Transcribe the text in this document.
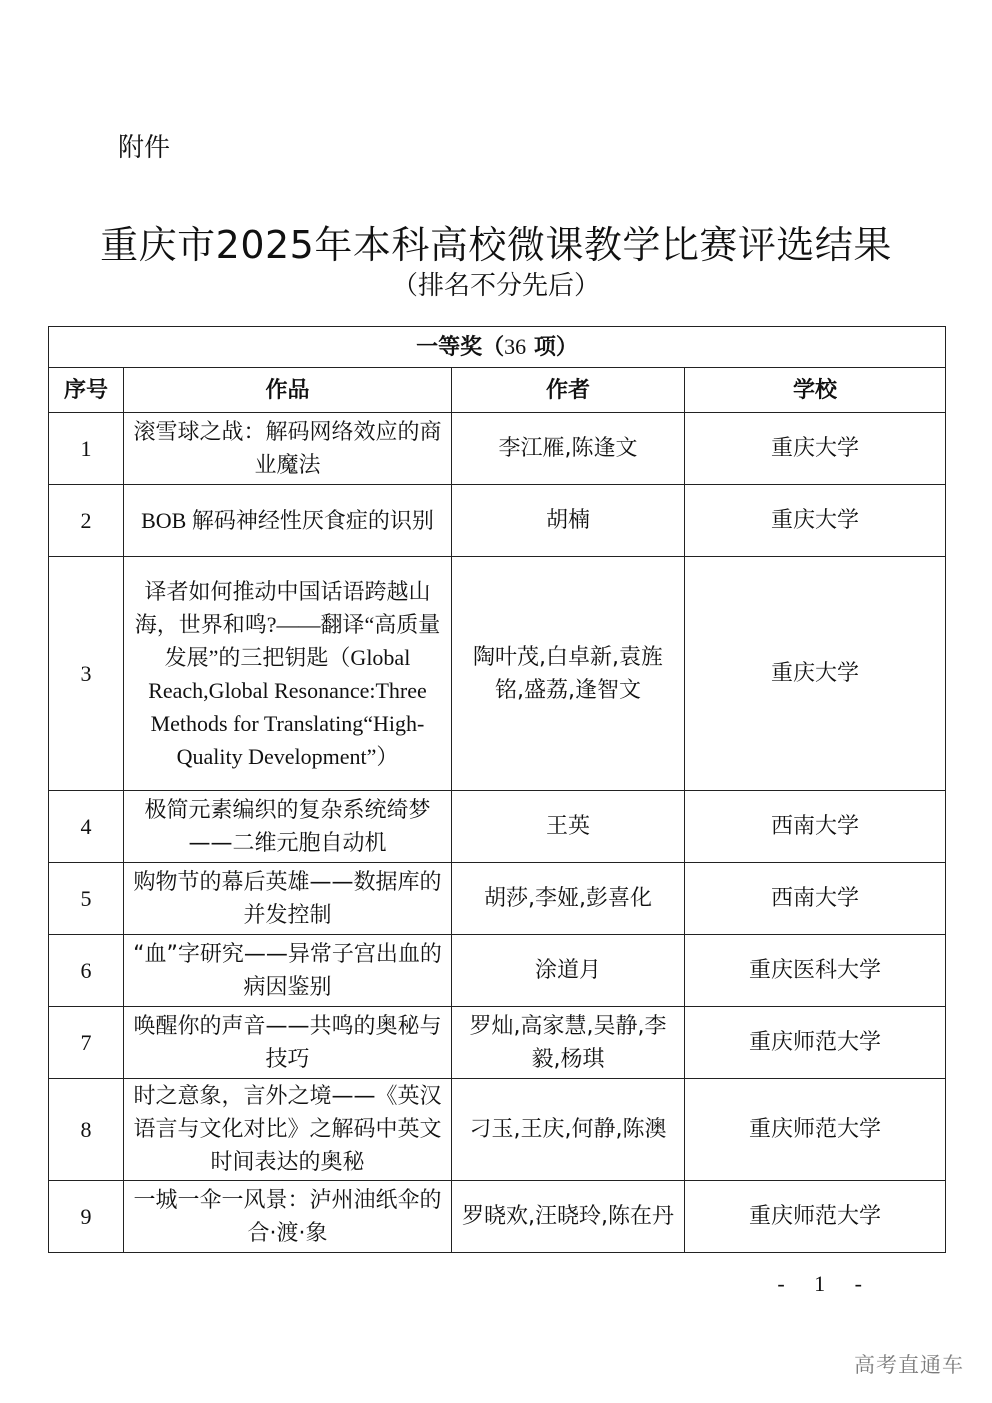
附件
重庆市2025年本科高校微课教学比赛评选结果
（排名不分先后）
一等奖（36 项）			
序号	作品	作者	学校
1	滚雪球之战：解码网络效应的商业魔法	李江雁,陈逢文	重庆大学
2	BOB 解码神经性厌食症的识别	胡楠	重庆大学
3	译者如何推动中国话语跨越山海，世界和鸣?——翻译“高质量发展”的三把钥匙（Global Reach,Global Resonance:Three Methods for Translating“High-Quality Development”）	陶叶茂,白卓新,袁旌铭,盛荔,逢智文	重庆大学
4	极简元素编织的复杂系统绮梦——二维元胞自动机	王英	西南大学
5	购物节的幕后英雄——数据库的并发控制	胡莎,李娅,彭喜化	西南大学
6	“血”字研究——异常子宫出血的病因鉴别	涂道月	重庆医科大学
7	唤醒你的声音——共鸣的奥秘与技巧	罗灿,高家慧,吴静,李毅,杨琪	重庆师范大学
8	时之意象，言外之境——《英汉语言与文化对比》之解码中英文时间表达的奥秘	刁玉,王庆,何静,陈澳	重庆师范大学
9	一城一伞一风景：泸州油纸伞的合·渡·象	罗晓欢,汪晓玲,陈在丹	重庆师范大学
- 1 -
高考直通车
